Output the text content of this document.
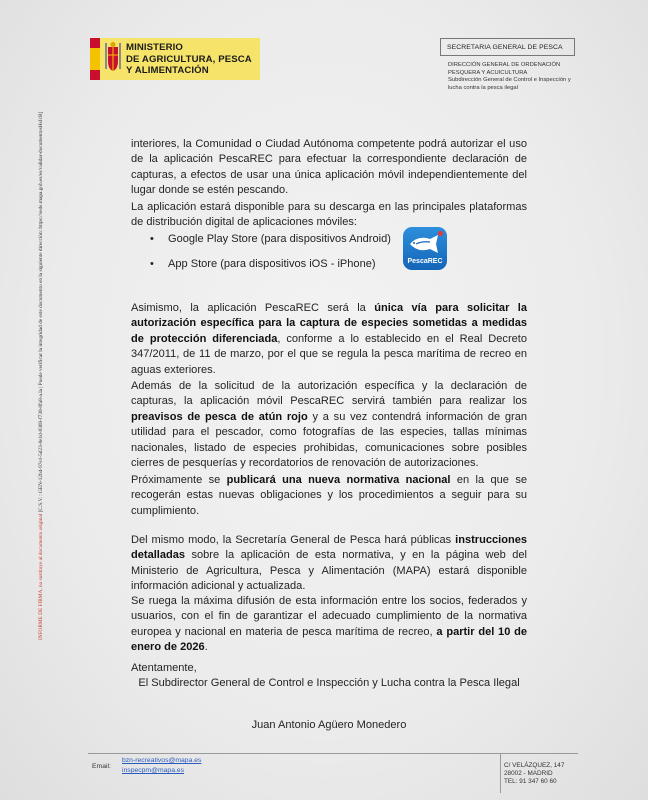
INFORME DE FIRMA, no sustituye al documento original [C.S.V. : GEN-12b4-97e1-5d23-8e1d-8369-f730-8fa8-a.la | Puede verificar la integridad de este documento en la siguiente dirección: https://sede.mapa.gob.es/es/validar-documentosHsJcR]
MINISTERIO
DE AGRICULTURA, PESCA
Y ALIMENTACIÓN
SECRETARIA GENERAL DE PESCA
DIRECCIÓN GENERAL DE ORDENACIÓN
PESQUERA Y ACUICULTURA
Subdirección General de Control e Inspección y
lucha contra la pesca ilegal

interiores, la Comunidad o Ciudad Autónoma competente podrá autorizar el uso de la aplicación PescaREC para efectuar la correspondiente declaración de capturas, a efectos de usar una única aplicación móvil independientemente del lugar donde se estén pescando.

La aplicación estará disponible para su descarga en las principales plataformas de distribución digital de aplicaciones móviles:

• Google Play Store (para dispositivos Android)
• App Store (para dispositivos iOS - iPhone)	PescaREC

Asimismo, la aplicación PescaREC será la única vía para solicitar la autorización específica para la captura de especies sometidas a medidas de protección diferenciada, conforme a lo establecido en el Real Decreto 347/2011, de 11 de marzo, por el que se regula la pesca marítima de recreo en aguas exteriores.

Además de la solicitud de la autorización específica y la declaración de capturas, la aplicación móvil PescaREC servirá también para realizar los preavisos de pesca de atún rojo y a su vez contendrá información de gran utilidad para el pescador, como fotografías de las especies, tallas mínimas nacionales, listado de especies prohibidas, comunicaciones sobre posibles cierres de pesquerías y recordatorios de renovación de autorizaciones.

Próximamente se publicará una nueva normativa nacional en la que se recogerán estas nuevas obligaciones y los procedimientos a seguir para su cumplimiento.

Del mismo modo, la Secretaría General de Pesca hará públicas instrucciones detalladas sobre la aplicación de esta normativa, y en la página web del Ministerio de Agricultura, Pesca y Alimentación (MAPA) estará disponible información adicional y actualizada.

Se ruega la máxima difusión de esta información entre los socios, federados y usuarios, con el fin de garantizar el adecuado cumplimiento de la normativa europea y nacional en materia de pesca marítima de recreo, a partir del 10 de enero de 2026.

Atentamente,

El Subdirector General de Control e Inspección y Lucha contra la Pesca Ilegal
Juan Antonio Agüero Monedero
Email:
bzn-recreativos@mapa.es
inspecpm@mapa.es
C/ VELÁZQUEZ, 147
28002 - MADRID
TEL: 91 347 60 60
